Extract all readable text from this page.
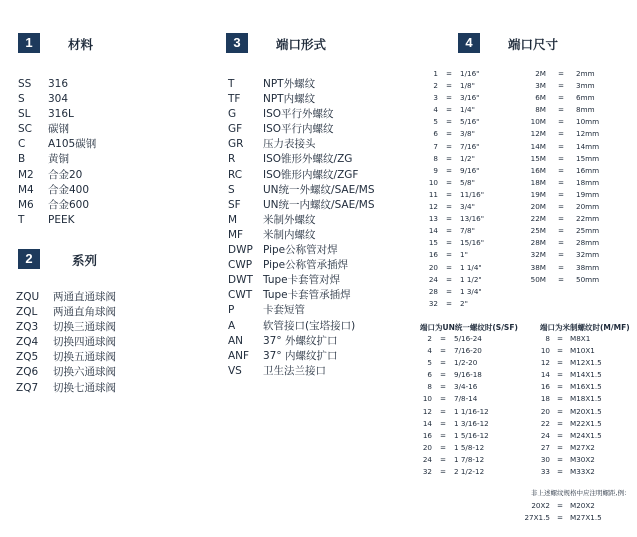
1	材料
2	系列
3	端口形式	4	端口尺寸
SS	316
S	304
SL	316L
SC	碳钢
C	A105碳钢
B	黄铜
M2	合金20
M4	合金400
M6	合金600
T	PEEK
ZQU	两通直通球阀
ZQL	两通直角球阀
ZQ3	切换三通球阀
ZQ4	切换四通球阀
ZQ5	切换五通球阀
ZQ6	切换六通球阀
ZQ7	切换七通球阀
T	NPT外螺纹
TF	NPT内螺纹
G	ISO平行外螺纹
GF	ISO平行内螺纹
GR	压力表接头
R	ISO锥形外螺纹/ZG
RC	ISO锥形内螺纹/ZGF
S	UN统一外螺纹/SAE/MS
SF	UN统一内螺纹/SAE/MS
M	米制外螺纹
MF	米制内螺纹
DWP Pipe公称管对焊
CWP	Pipe公称管承插焊
DWT Tupe卡套管对焊
CWT	Tupe卡套管承插焊
P	卡套短管
A	软管接口(宝塔接口)
AN	37° 外螺纹扩口
ANF	37° 内螺纹扩口
VS	卫生法兰接口
1	=	1/16"
2	=	1/8"
3	=	3/16"
4	=	1/4"
5	=	5/16"
6	=	3/8"
7	=	7/16"
8	=	1/2"
9	=	9/16"
10	=	5/8"
11	=	11/16"
12	=	3/4"
13	=	13/16"
14	=	7/8"
15	=	15/16"
16	=	1"
20	=	1 1/4"
24	=	1 1/2"
28	=	1 3/4"
32	=	2"
2M	=	2mm
3M	=	3mm
6M	=	6mm
8M	=	8mm
10M	=	10mm
12M	=	12mm
14M	=	14mm
15M	=	15mm
16M	=	16mm
18M	=	18mm
19M	=	19mm
20M	=	20mm
22M	=	22mm
25M	=	25mm
28M	=	28mm
32M	=	32mm
38M	=	38mm
50M	=	50mm
端口为UN统一螺纹时(S/SF)	端口为米制螺纹时(M/MF)
2	=	5/16-24
4	=	7/16-20
5	=	1/2-20
6	=	9/16-18
8	=	3/4-16
10	=	7/8-14
12	=	1 1/16-12
14	=	1 3/16-12
16	=	1 5/16-12
20	=	1 5/8-12
24	=	1 7/8-12
32	=	2 1/2-12
8 = M8X1
10 = M10X1
12 = M12X1.5
14 = M14X1.5
16 = M16X1.5
18 = M18X1.5
20 = M20X1.5
22 = M22X1.5
24 = M24X1.5
27 = M27X2
30 = M30X2
33 = M33X2
非上述螺纹规格中应注明螺距,例：
20X2 = M20X2
27X1.5 = M27X1.5
